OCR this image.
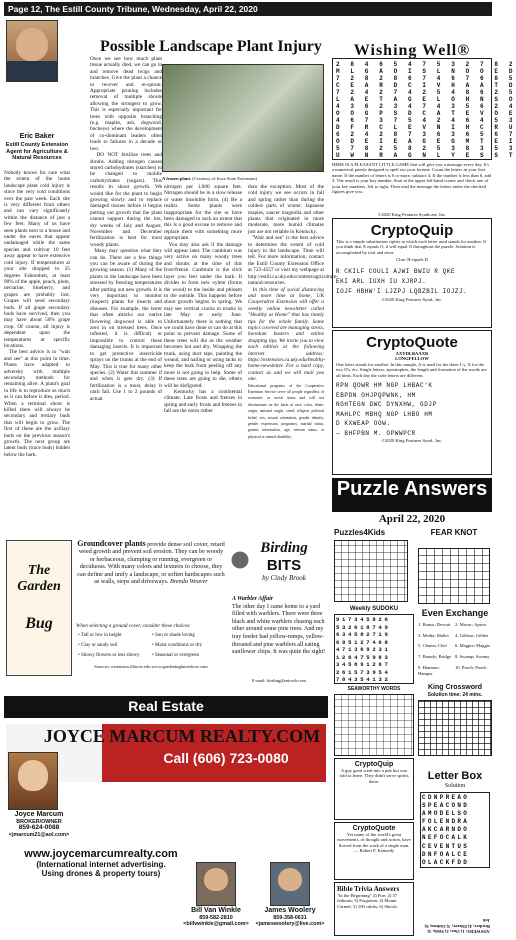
Page 12, The Estill County Tribune, Wednesday, April 22, 2020
Possible Landscape Plant Injury
Eric Baker
Estill County Extension Agent for Agriculture & Natural Resources
Nobody knows for sure what the extent of the home landscape plant cold injury is since the very cold conditions over the past week. Each site is very different from others and can vary significantly within the distance of just a few feet. Many of us have seen plants next to a house and under the eaves that appear undamaged while the same species and cultivar 10 feet away appear to have extensive cold injury. If temperatures at your site dropped to 25 degrees Fahrenheit, at least 90% of the apple, peach, plum, nectarine, blueberry, and grapes are probably lost. Grapes will send secondary buds. If all grape secondary buds have survived, then you may have about 50% grape crop. Of course, all injury is dependent upon the temperatures at specific locations.
The best advice is to "wait and see" at this point in time. Plants have adapted to adversity with multiple secondary methods for remaining alive. A plant's goal in life is to reproduce as much as it can before it dies, period. When a terminal shoot is killed there will always be secondary and tertiary buds that will begin to grow. The first of these are the axillary buds on the previous season's growth. The next group are latent buds (trace buds) hidden below the bark.
Once we see how much plant tissue actually died, we can go in and remove dead twigs and branches. Give the plant a chance to recover and re-sprout. Appropriate pruning includes removal of multiple shoots allowing the strongest to grow. This is especially important for trees with opposite branching (e.g. maples, ash, dogwood, buckeye) where the development of co-dominant leaders often leads to failures in a decade or two.
DO NOT fertilize trees and shrubs. Adding nitrogen causes stored carbohydrates (starches) to be changed to mobile carbohydrates (sugars). This results in shoot growth. We would like for the plant to begin growing slowly and to replace damaged tissues before it begins putting out growth that the plant cannot support during the hot, dry weeks of July and August. November and December fertilization is best for most woody plants.
Many may question what they can do. There are a few things you can be aware of during the growing season. (1) Many of the plants in the landscape have been stressed by freezing temperatures after putting out new growth. It is very important to monitor (inspect) plants for insects and diseases. For example, the borer that often attacks our native flowering dogwood is able to zero in on stressed trees. Once infested, it is difficult or impossible to control these damaging insects. It is important to get protective insecticide sprays on the trunks at the end of May. This is true for many other species. (2) Water this summer if and when it gets dry. (3) If fertilization is a must, delay it until fall. Use 1 to 2 pounds of actual
A frozen plant. (Courtesy of Iowa State Extension)
nitrogen per 1,000 square feet. Nitrogen should be in a slow release or water insoluble form. (4) Be a realist. Some plants were inappropriate for the site or have been damaged to such an extent that this is a good excuse to remove and replace them with something more appropriate.
You may also ask if the damage will appear later. The cambium was very active on many woody trees and shrubs at the time of this frost/freeze. Cambium is the slick layer you feel under the bark. It divides to form new xylem (forms the wood) to the inside and phloem to the outside. This happens before shoot growth begins in spring. We may see vertical cracks in trunks in late May or early June. Unfortunately there is nothing that we could have done or can do at this point to prevent damage. Some of these trees will die as the weather becomes hot and dry. Wrapping the trunk, using duct tape, painting the wound, and nailing or using tacks to keep the bark from peeling off any more is not going to help. Some of these trees are going to die, others will be disfigured.
Kentucky has a continental climate. Late frosts and freezes in spring and early frosts and freezes in fall are the norm rather
than the exception. Most of the cold injury we see occurs in fall and spring rather than during the coldest parts of winter. Japanese maples, saucer magnolia and other plants that originated in more moderate, more humid climates just are not reliable in Kentucky.
"Wait and see" is the best advice to determine the extent of cold injury to the landscape. Time will tell. For more information, contact the Estill County Extension Office at 723-4557 or visit my webpage at http://estill.ca.uky.edu/content/agriculture-natural-resources.
In this time of social distancing and more time at home, UK Cooperative Extension will offer a weekly online newsletter called "Healthy at Home" that has timely tips for the whole family. Some topics covered are managing stress, boredom busters and online shopping tips. We invite you to view each edition at the following internet address: https://extension.ca.uky.edu/healthy-home-newsletter. For a hard copy, contact us and we will mail you one.
Educational programs of the Cooperative Extension Service serve all people regardless of economic or social status and will not discriminate on the basis of race, color, ethnic origin, national origin, creed, religion, political belief, sex, sexual orientation, gender identity, gender expression, pregnancy, marital status, genetic information, age, veteran status, or physical or mental disability.
Wishing Well®
2 8 4 6 5 4 7 5 3 2 7 8 2
M L G A O I S L N O O E D
7 2 8 2 8 6 7 4 6 7 6 8 5
C E A R D C I V H A A T D
7 2 4 2 7 4 2 5 4 8 6 2 5
L A E T A G E L O H N S O
4 3 6 2 3 4 7 4 3 5 6 2 4
O O G P S D C A T E V O E
4 6 7 3 7 5 4 2 4 6 4 5 3
D F R C L E V N I H C R U
6 2 4 2 8 7 3 6 3 6 5 6 7
O D E I E A G E G M T E I
5 7 8 2 5 8 2 5 3 8 3 5 3
U W N R A G N L Y E S S T
HERE IS A PLEASANT LITTLE GAME that will give you a message every day. It's a numerical puzzle designed to spell out your fortune. Count the letters in your first name. If the number of letters is 6 or more, subtract 4. If the number is less than 6, add 3. The result is your key number. Start at the upper left-hand corner and check one of your key numbers, left to right. Then read the message the letters under the checked figures give you.
©2020 King Features Syndicate, Inc.
CryptoQuip
This is a simple substitution cipher in which each letter used stands for another. If you think that X equals O, it will equal O throughout the puzzle. Solution is accomplished by trial and error.
Clue: H equals D
R CKILF COULI AJWI BWIU R QKE
EKI ARL IUXH IU XJRPJ.
IOJF HBHW'I LJZPJ LQBZBIL IOJZJ.
©2020 King Features Synd., Inc.
CryptoQuote
AXYDLBAAXR
LONGFELLOW
One letter stands for another. In this sample, A is used for the three L's, X for the two O's, etc. Single letters, apostrophes, the length and formation of the words are all hints. Each day the code letters are different.
RPN QOWR HM NGP LHBAC'K
EBPDN OHJPQPWNK, HM
NGHTEGN DWC DYNXHW, GDJP
MAHLPC MBHQ NGP LHBO HM
D KXWEAP OOW.
— BHFPBN M. OPWWPCR
©2020 King Features Synd., Inc.
Puzzle Answers
April 22, 2020
Puzzles4Kids	FEAR KNOT
Weekly SUDOKU
917345826
532618749
634582719
695127468
471369231
126475983
345891267
261573954
784354132
SEAWORTHY WORDS
Even Exchange
1. Bonus; Devout	2. Mirror; Apron
3. Media; Mallet	4. Gibbon; Gibbet
5. Chums; Chef	6. Magpie; Maggie
7. Brandy; Bridge 8. Swamp; Swamy
9. Hammer; Hamper
10. Peach; Poach
King Crossword
Solution time: 24 mins.
CryptoQuip
A guy great went into a pub but was told to leave. They didn't serve spirits there.
CryptoQuote
Yet many of the world's great movements, of thought and action, have flowed from the work of a single man. — Robert F. Kennedy
Letter Box
Solution
CDNPREAO
SPEACOND
AMODELSO
FOLENDRA
AKCARNDO
NEFOCALK
CEVENTUS
DNFOALCE
OLACKFDD
Bible Trivia Answers
"In the Beginning" 4) Fire; 2) 37 fathoms; 3) Forgotten; 4) Mount Carmel; 5) 100 cubits; 6) Shu'ah.
ANSWERS: 1) One; 2) Fifth; 3) Brother; 4) Eliezer; 5) Gideon; 6) Job
The Garden
Bug
Groundcover plants provide dense soil cover, retard weed growth and prevent soil erosion. They can be woody or herbaceous, clumping or running, evergreen or deciduous. With many colors and textures to choose, they can define and unify a landscape, or soften hardscapes such as walls, steps and driveways. Brenda Weaver
When selecting a ground cover, consider these choices:
• Tall or low in height	• Sun or shade loving
• Clay or sandy soil	• Moist conditions or dry
• Showy flowers or less showy	• Seasonal or evergreen
Sources: extension.illinois.edu www.gardeningknowhow.com
Birding
BITS
by Cindy Brook
A Warbler Affair
The other day I came home to a yard filled with warblers. There were three black and white warblers chasing each other around some pine trees. And my tray feeder had yellow-rumps, yellow-throated and pine warblers all eating sunflower chips. It was quite the sight!
E-mail: birding@mtvsdr.com
Real Estate
JOYCE MARCUM REALTY.COM
Call (606) 723-0080
Joyce Marcum
BROKER/OWNER
859-624-0088
<jmarcum21@aol.com>
www.joycemarcumrealty.com
(International internet advertising.
Using drones & property tours)
Bill Van Winkle
859-582-2810
<billvwinkle@gmail.com>
James Woolery
859-358-0631
<jameswoolery@live.com>
